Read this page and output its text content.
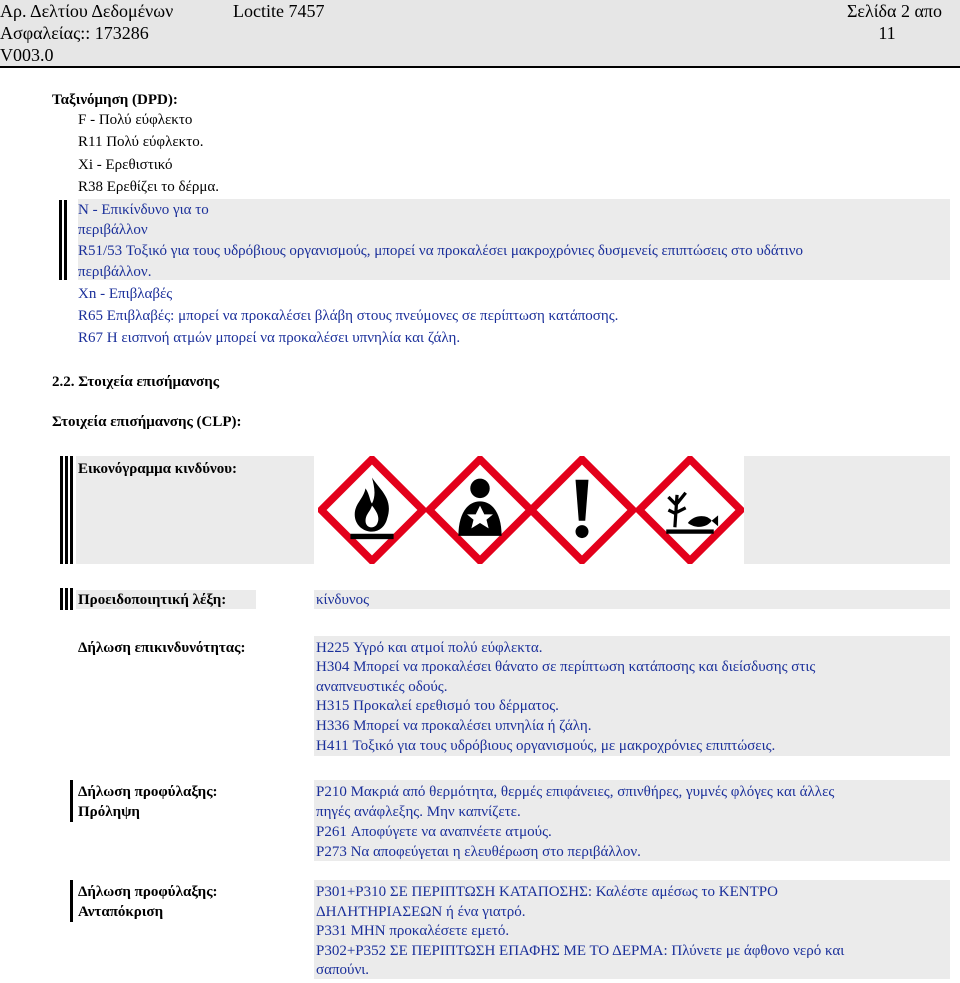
Αρ. Δελτίου Δεδομένων
Ασφαλείας:: 173286
V003.0
Loctite 7457	Σελίδα 2 απο
11
Ταξινόμηση (DPD):
F - Πολύ εύφλεκτο
R11 Πολύ εύφλεκτο.
Xi - Ερεθιστικό
R38 Ερεθίζει το δέρμα.
N - Επικίνδυνο για το
περιβάλλον
R51/53 Τοξικό για τους υδρόβιους οργανισμούς, μπορεί να προκαλέσει μακροχρόνιες δυσμενείς επιπτώσεις στο υδάτινο
περιβάλλον.
Xn - Επιβλαβές
R65 Επιβλαβές: μπορεί να προκαλέσει βλάβη στους πνεύμονες σε περίπτωση κατάποσης.
R67 Η εισπνοή ατμών μπορεί να προκαλέσει υπνηλία και ζάλη.
2.2. Στοιχεία επισήμανσης
Στοιχεία επισήμανσης (CLP):
Εικονόγραμμα κινδύνου:
Προειδοποιητική λέξη:	κίνδυνος
Δήλωση επικινδυνότητας:	H225 Υγρό και ατμοί πολύ εύφλεκτα.
H304 Μπορεί να προκαλέσει θάνατο σε περίπτωση κατάποσης και διείσδυσης στις
αναπνευστικές οδούς.
H315 Προκαλεί ερεθισμό του δέρματος.
H336 Μπορεί να προκαλέσει υπνηλία ή ζάλη.
H411 Τοξικό για τους υδρόβιους οργανισμούς, με μακροχρόνιες επιπτώσεις.
Δήλωση προφύλαξης:
Πρόληψη
P210 Μακριά από θερμότητα, θερμές επιφάνειες, σπινθήρες, γυμνές φλόγες και άλλες
πηγές ανάφλεξης. Μην καπνίζετε.
P261 Αποφύγετε να αναπνέετε ατμούς.
P273 Να αποφεύγεται η ελευθέρωση στο περιβάλλον.
Δήλωση προφύλαξης:
Ανταπόκριση
P301+P310 ΣΕ ΠΕΡΙΠΤΩΣΗ ΚΑΤΑΠΟΣΗΣ: Καλέστε αμέσως το ΚΕΝΤΡΟ
ΔΗΛΗΤΗΡΙΑΣΕΩΝ ή ένα γιατρό.
P331 ΜΗΝ προκαλέσετε εμετό.
P302+P352 ΣΕ ΠΕΡΙΠΤΩΣΗ ΕΠΑΦΗΣ ΜΕ ΤΟ ΔΕΡΜΑ: Πλύνετε με άφθονο νερό και
σαπούνι.
